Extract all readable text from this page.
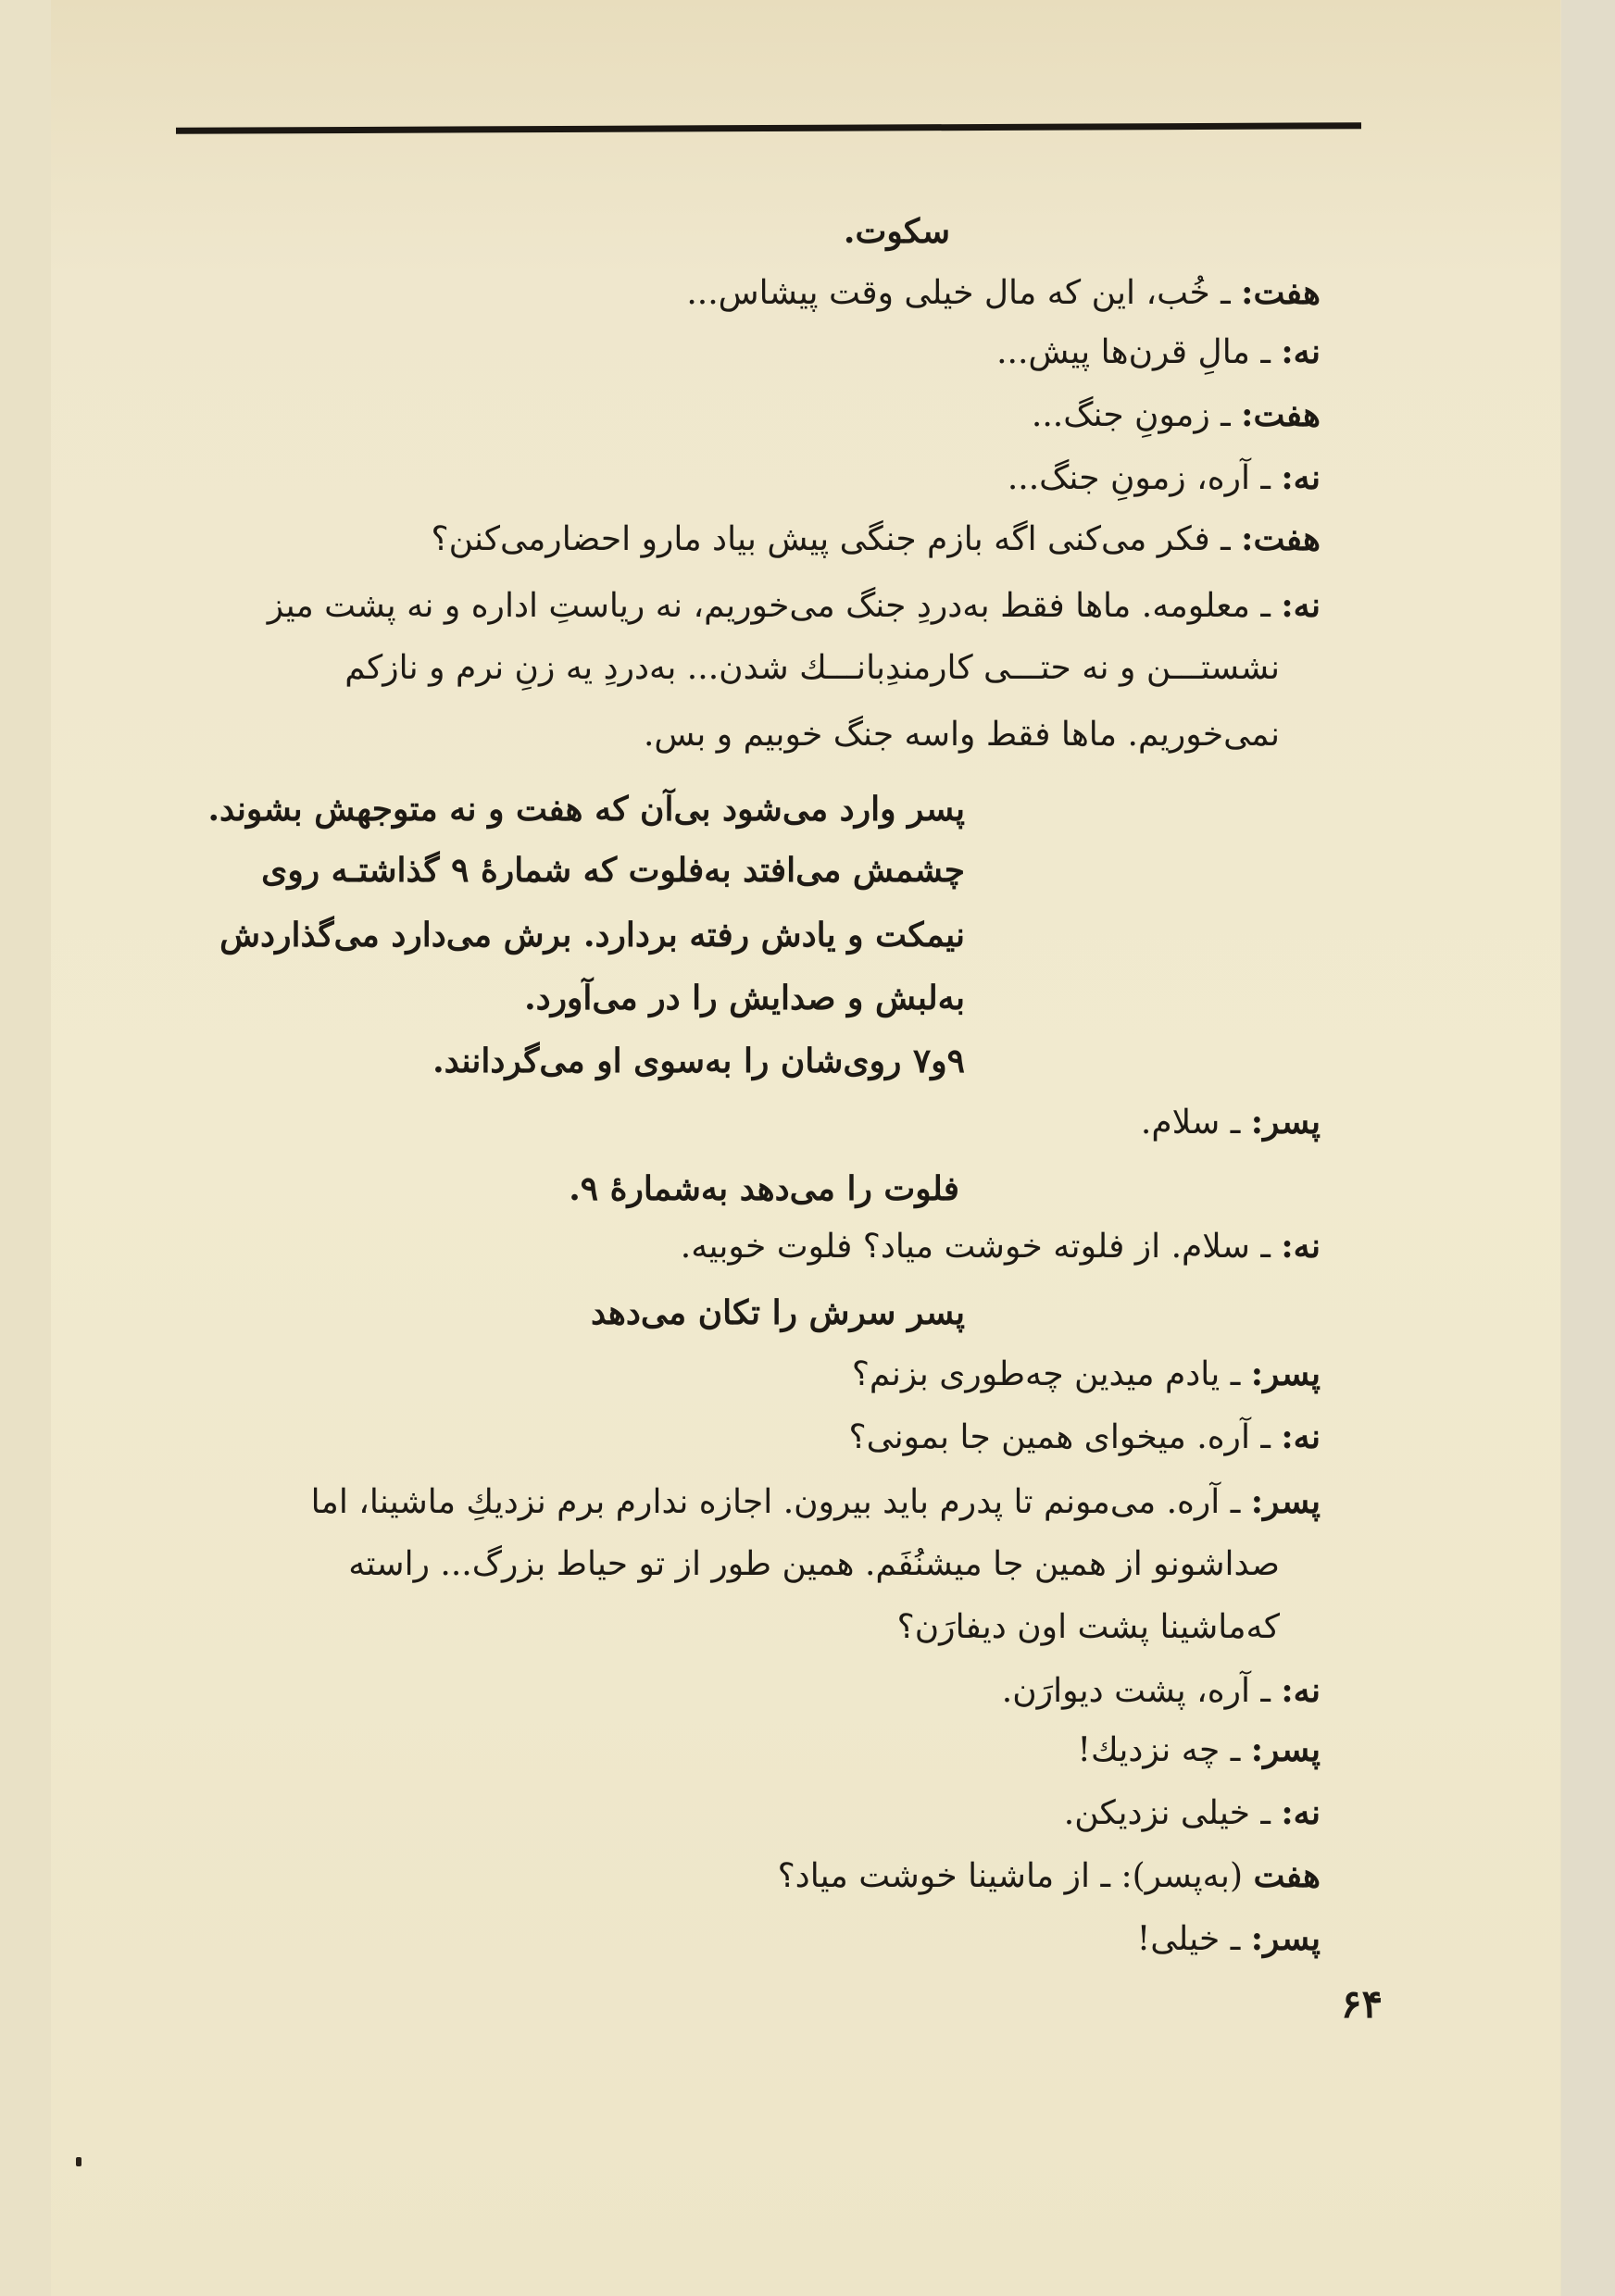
سکوت.
هفت: ـ خُب، این که مال خیلی وقت پیشاس...
نه: ـ مالِ قرن‌ها پیش...
هفت: ـ زمونِ جنگ...
نه: ـ آره، زمونِ جنگ...
هفت: ـ فکر می‌کنی اگه بازم جنگی پیش بیاد مارو احضارمی‌کنن؟
نه: ـ معلومه. ماها فقط به‌دردِ جنگ می‌خوریم، نه ریاستِ اداره و نه پشت میز
نشستـــن و نه حتـــی کارمندِبانـــك شدن... به‌دردِ یه زنِ نرم و نازکم
نمی‌خوریم. ماها فقط واسه جنگ خوبیم و بس.
پسر وارد می‌شود بی‌آن که هفت و نه متوجهش بشوند.
چشمش می‌افتد به‌فلوت که شمارهٔ ۹ گذاشتـه روی
نیمکت و یادش رفته بردارد. برش می‌دارد می‌گذاردش
به‌لبش و صدایش را در می‌آورد.
۹و۷ روی‌شان را به‌سوی او می‌گردانند.
پسر: ـ سلام.
فلوت را می‌دهد به‌شمارهٔ ۹.
نه: ـ سلام. از فلوته خوشت میاد؟ فلوت خوبیه.
پسر سرش را تکان می‌دهد
پسر: ـ یادم میدین چه‌طوری بزنم؟
نه: ـ آره. میخوای همین جا بمونی؟
پسر: ـ آره. می‌مونم تا پدرم باید بیرون. اجازه ندارم برم نزدیكِ ماشینا، اما
صداشونو از همین جا میشنُفَم. همین طور از تو حیاط بزرگ... راسته
که‌ماشینا پشت اون دیفارَن؟
نه: ـ آره، پشت دیوارَن.
پسر: ـ چه نزدیك!
نه: ـ خیلی نزدیکن.
هفت (به‌پسر): ـ از ماشینا خوشت میاد؟
پسر: ـ خیلی!
۶۴
